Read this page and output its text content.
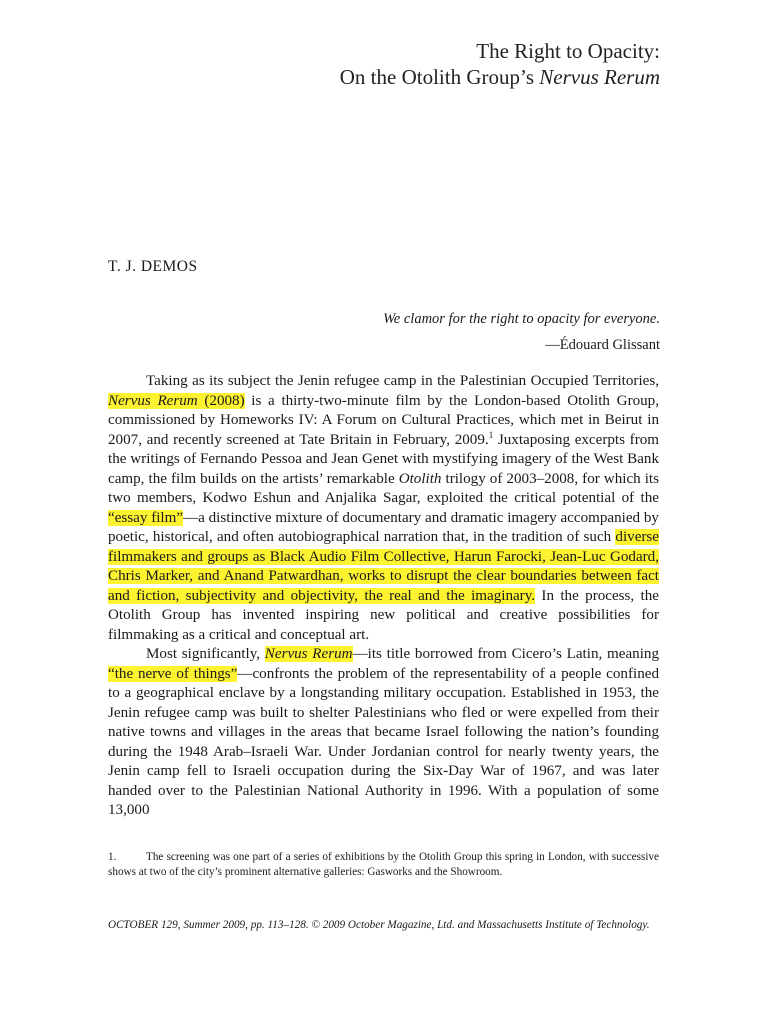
The Right to Opacity:
On the Otolith Group’s Nervus Rerum
T. J. DEMOS
We clamor for the right to opacity for everyone.
—Édouard Glissant

Taking as its subject the Jenin refugee camp in the Palestinian Occupied Territories, Nervus Rerum (2008) is a thirty-two-minute film by the London-based Otolith Group, commissioned by Homeworks IV: A Forum on Cultural Practices, which met in Beirut in 2007, and recently screened at Tate Britain in February, 2009.$^1$ Juxtaposing excerpts from the writings of Fernando Pessoa and Jean Genet with mystifying imagery of the West Bank camp, the film builds on the artists’ remarkable Otolith trilogy of 2003–2008, for which its two members, Kodwo Eshun and Anjalika Sagar, exploited the critical potential of the “essay film”—a distinctive mixture of documentary and dramatic imagery accompanied by poetic, historical, and often autobiographical narration that, in the tradition of such diverse filmmakers and groups as Black Audio Film Collective, Harun Farocki, Jean-Luc Godard, Chris Marker, and Anand Patwardhan, works to disrupt the clear boundaries between fact and fiction, subjectivity and objectivity, the real and the imaginary. In the process, the Otolith Group has invented inspiring new political and creative possibilities for filmmaking as a critical and conceptual art.

Most significantly, Nervus Rerum—its title borrowed from Cicero’s Latin, meaning “the nerve of things”—confronts the problem of the representability of a people confined to a geographical enclave by a longstanding military occupation. Established in 1953, the Jenin refugee camp was built to shelter Palestinians who fled or were expelled from their native towns and villages in the areas that became Israel following the nation’s founding during the 1948 Arab–Israeli War. Under Jordanian control for nearly twenty years, the Jenin camp fell to Israeli occupation during the Six-Day War of 1967, and was later handed over to the Palestinian National Authority in 1996. With a population of some 13,000

1.	The screening was one part of a series of exhibitions by the Otolith Group this spring in London, with successive shows at two of the city’s prominent alternative galleries: Gasworks and the Showroom.
OCTOBER 129, Summer 2009, pp. 113–128. © 2009 October Magazine, Ltd. and Massachusetts Institute of Technology.
